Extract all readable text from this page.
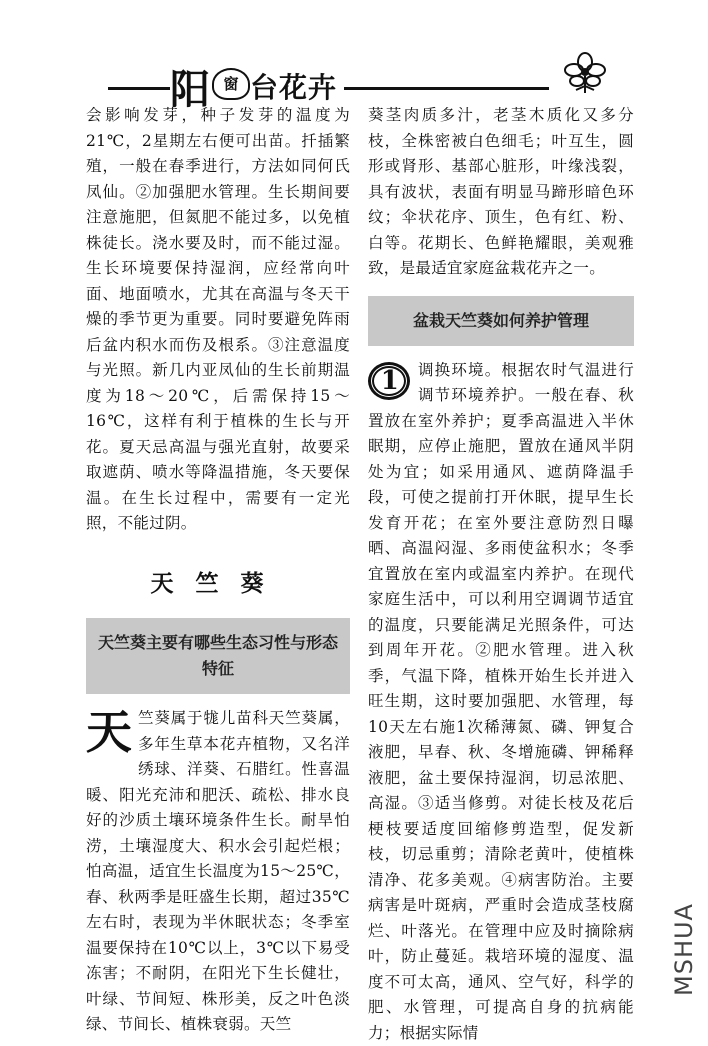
阳 窗 台花卉

会影响发芽，种子发芽的温度为21℃，2星期左右便可出苗。扦插繁殖，一般在春季进行，方法如同何氏凤仙。②加强肥水管理。生长期间要注意施肥，但氮肥不能过多，以免植株徒长。浇水要及时，而不能过湿。生长环境要保持湿润，应经常向叶面、地面喷水，尤其在高温与冬天干燥的季节更为重要。同时要避免阵雨后盆内积水而伤及根系。③注意温度与光照。新几内亚凤仙的生长前期温度为18～20℃，后需保持15～16℃，这样有利于植株的生长与开花。夏天忌高温与强光直射，故要采取遮荫、喷水等降温措施，冬天要保温。在生长过程中，需要有一定光照，不能过阴。

天竺葵
天竺葵主要有哪些生态习性与形态特征

天 竺葵属于牻儿苗科天竺葵属，多年生草本花卉植物，又名洋绣球、洋葵、石腊红。性喜温暖、阳光充沛和肥沃、疏松、排水良好的沙质土壤环境条件生长。耐旱怕涝，土壤湿度大、积水会引起烂根；怕高温，适宜生长温度为15～25℃，春、秋两季是旺盛生长期，超过35℃左右时，表现为半休眠状态；冬季室温要保持在10℃以上，3℃以下易受冻害；不耐阴，在阳光下生长健壮，叶绿、节间短、株形美，反之叶色淡绿、节间长、植株衰弱。天竺

葵茎肉质多汁，老茎木质化又多分枝，全株密被白色细毛；叶互生，圆形或肾形、基部心脏形，叶缘浅裂，具有波状，表面有明显马蹄形暗色环纹；伞状花序、顶生，色有红、粉、白等。花期长、色鲜艳耀眼，美观雅致，是最适宜家庭盆栽花卉之一。

盆栽天竺葵如何养护管理

1	调换环境。根据农时气温进行调节环境养护。一般在春、秋置放在室外养护；夏季高温进入半休眠期，应停止施肥，置放在通风半阴处为宜；如采用通风、遮荫降温手段，可使之提前打开休眠，提早生长发育开花；在室外要注意防烈日曝晒、高温闷湿、多雨使盆积水；冬季宜置放在室内或温室内养护。在现代家庭生活中，可以利用空调调节适宜的温度，只要能满足光照条件，可达到周年开花。②肥水管理。进入秋季，气温下降，植株开始生长并进入旺生期，这时要加强肥、水管理，每10天左右施1次稀薄氮、磷、钾复合液肥，早春、秋、冬增施磷、钾稀释液肥，盆土要保持湿润，切忌浓肥、高湿。③适当修剪。对徒长枝及花后梗枝要适度回缩修剪造型，促发新枝，切忌重剪；清除老黄叶，使植株清净、花多美观。④病害防治。主要病害是叶斑病，严重时会造成茎枝腐烂、叶落光。在管理中应及时摘除病叶，防止蔓延。栽培环境的湿度、温度不可太高，通风、空气好，科学的肥、水管理，可提高自身的抗病能力；根据实际情

MSHUA
